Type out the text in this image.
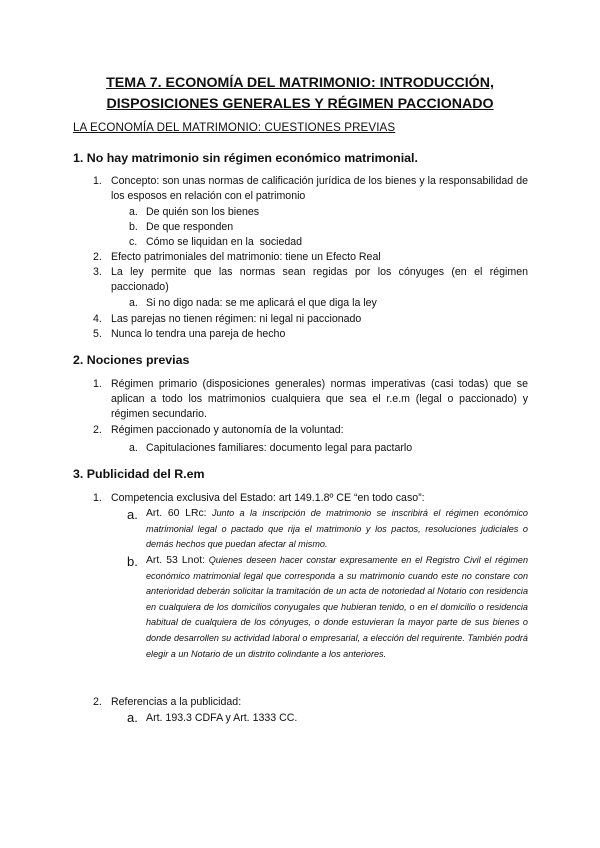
TEMA 7. ECONOMÍA DEL MATRIMONIO: INTRODUCCIÓN,
DISPOSICIONES GENERALES Y RÉGIMEN PACCIONADO
LA ECONOMÍA DEL MATRIMONIO: CUESTIONES PREVIAS
1. No hay matrimonio sin régimen económico matrimonial.
1. Concepto: son unas normas de calificación jurídica de los bienes y la responsabilidad de los esposos en relación con el patrimonio
a. De quién son los bienes
b. De que responden
c. Cómo se liquidan en la  sociedad
2. Efecto patrimoniales del matrimonio: tiene un Efecto Real
3. La ley permite que las normas sean regidas por los cónyuges (en el régimen paccionado)
a. Si no digo nada: se me aplicará el que diga la ley
4. Las parejas no tienen régimen: ni legal ni paccionado
5. Nunca lo tendra una pareja de hecho
2. Nociones previas
1. Régimen primario (disposiciones generales) normas imperativas (casi todas) que se aplican a todo los matrimonios cualquiera que sea el r.e.m (legal o paccionado) y régimen secundario.
2. Régimen paccionado y autonomía de la voluntad:
a. Capitulaciones familiares: documento legal para pactarlo
3. Publicidad del R.em
1. Competencia exclusiva del Estado: art 149.1.8º CE “en todo caso”:
a. Art. 60 LRc: Junto a la inscripción de matrimonio se inscribirá el régimen económico matrimonial legal o pactado que rija el matrimonio y los pactos, resoluciones judiciales o demás hechos que puedan afectar al mismo.
b. Art. 53 Lnot: Quienes deseen hacer constar expresamente en el Registro Civil el régimen económico matrimonial legal que corresponda a su matrimonio cuando este no constare con anterioridad deberán solicitar la tramitación de un acta de notoriedad al Notario con residencia en cualquiera de los domicilios conyugales que hubieran tenido, o en el domicilio o residencia habitual de cualquiera de los cónyuges, o donde estuvieran la mayor parte de sus bienes o donde desarrollen su actividad laboral o empresarial, a elección del requirente. También podrá elegir a un Notario de un distrito colindante a los anteriores.
2. Referencias a la publicidad:
a. Art. 193.3 CDFA y Art. 1333 CC.
